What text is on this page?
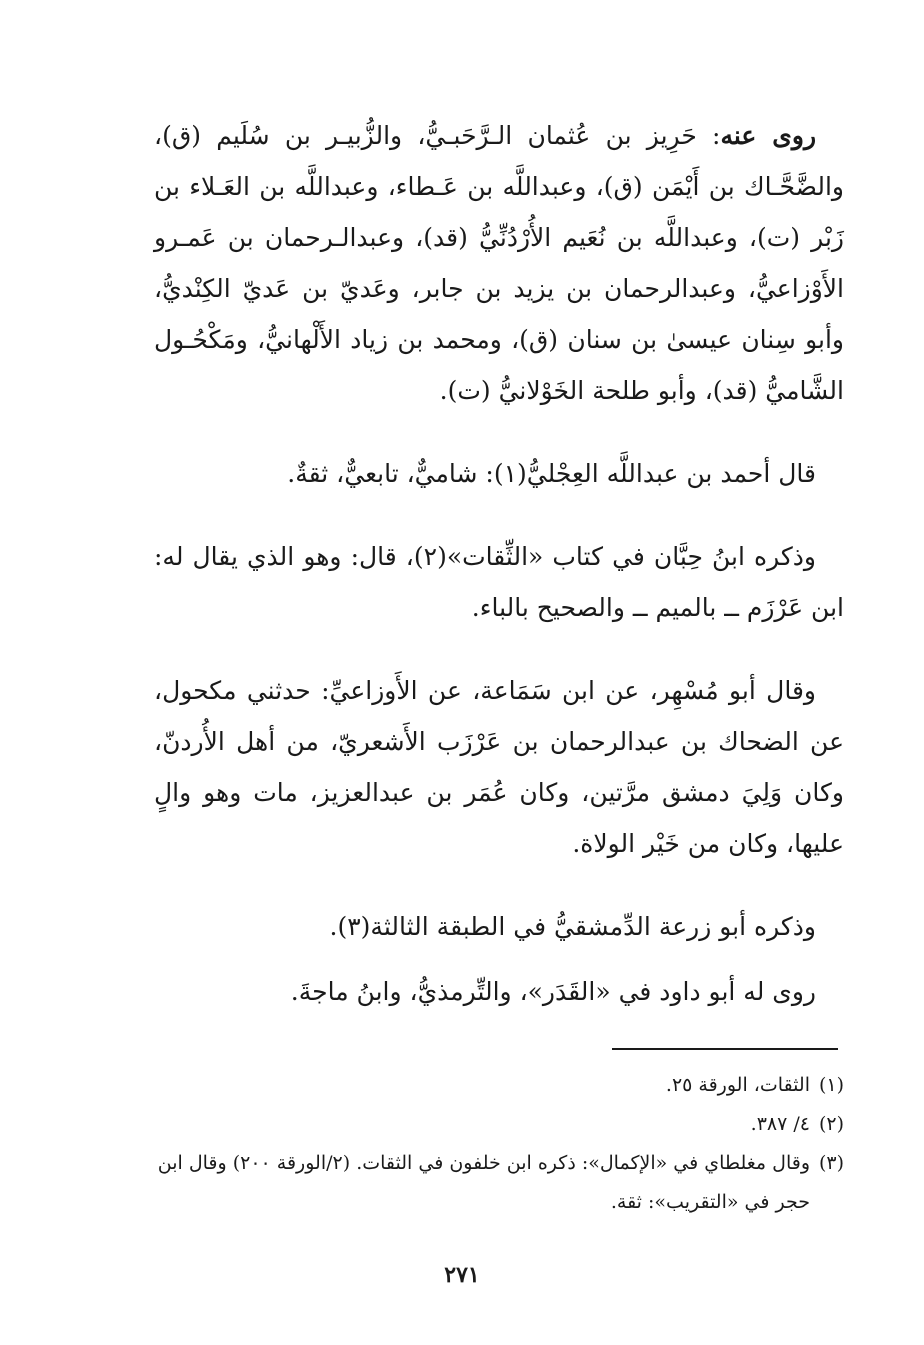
روى عنه: حَرِيز بن عُثمان الـرَّحَبـيُّ، والزُّبيـر بن سُلَيم (ق)، والضَّحَّـاك بن أَيْمَن (ق)، وعبداللَّه بن عَـطاء، وعبداللَّه بن العَـلاء بن زَبْر (ت)، وعبداللَّه بن نُعَيم الأُرْدُنِّيُّ (قد)، وعبدالـرحمان بن عَمـرو الأَوْزاعيُّ، وعبدالرحمان بن يزيد بن جابر، وعَديّ بن عَديّ الكِنْديُّ، وأبو سِنان عيسىٰ بن سنان (ق)، ومحمد بن زياد الأَلْهانيُّ، ومَكْحُـول الشَّاميُّ (قد)، وأبو طلحة الخَوْلانيُّ (ت).

قال أحمد بن عبداللَّه العِجْليُّ(١): شاميٌّ، تابعيٌّ، ثقةٌ.

وذكره ابنُ حِبَّان في كتاب «الثِّقات»(٢)، قال: وهو الذي يقال له: ابن عَرْزَم ــ بالميم ــ والصحيح بالباء.

وقال أبو مُسْهِر، عن ابن سَمَاعة، عن الأَوزاعيِّ: حدثني مكحول، عن الضحاك بن عبدالرحمان بن عَرْزَب الأَشعريّ، من أهل الأُردنّ، وكان وَلِيَ دمشق مرَّتين، وكان عُمَر بن عبدالعزيز، مات وهو والٍ عليها، وكان من خَيْر الولاة.

وذكره أبو زرعة الدِّمشقيُّ في الطبقة الثالثة(٣).

روى له أبو داود في «القَدَر»، والتِّرمذيُّ، وابنُ ماجةَ.

(١)الثقات، الورقة ٢٥.

(٢)٤/ ٣٨٧.

(٣)وقال مغلطاي في «الإكمال»: ذكره ابن خلفون في الثقات. (٢/الورقة ٢٠٠) وقال ابن

حجر في «التقريب»: ثقة.

٢٧١
